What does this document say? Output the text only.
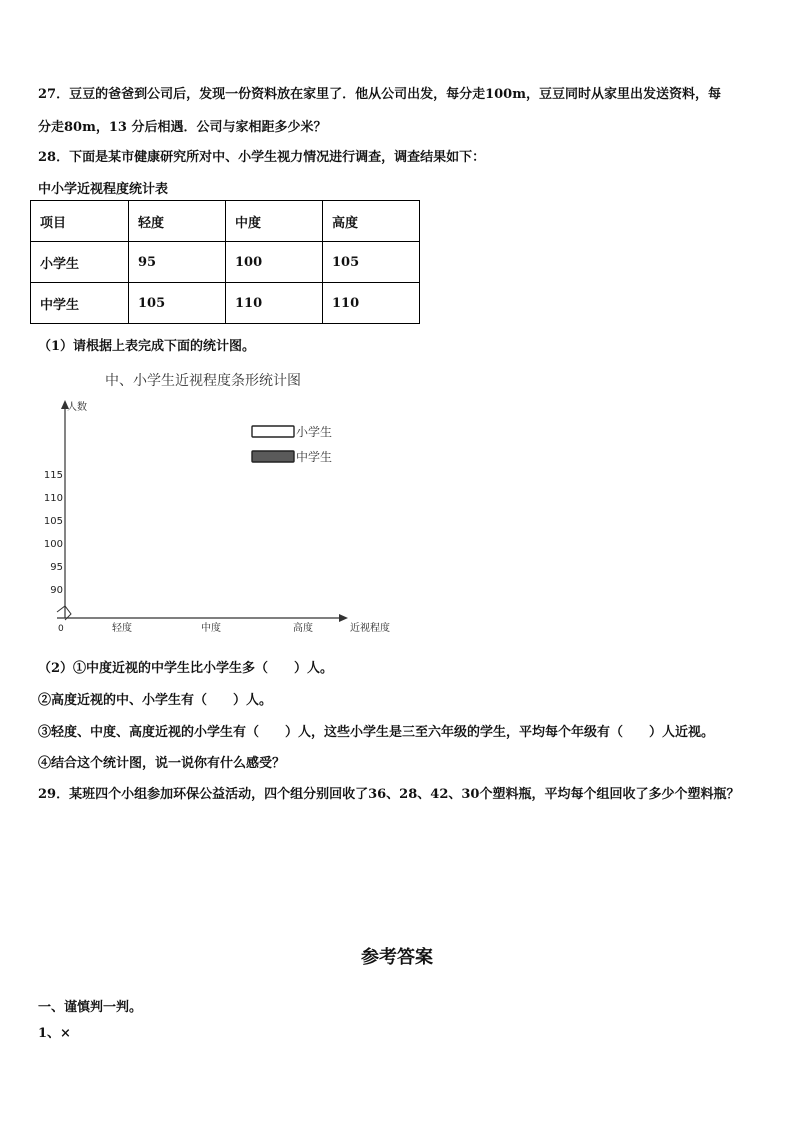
27．豆豆的爸爸到公司后，发现一份资料放在家里了．他从公司出发，每分走100m，豆豆同时从家里出发送资料，每
分走80m，13 分后相遇．公司与家相距多少米？
28．下面是某市健康研究所对中、小学生视力情况进行调查，调查结果如下：
中小学近视程度统计表
项目	轻度	中度	高度
小学生	95	100	105
中学生	105	110	110
（1）请根据上表完成下面的统计图。
中、小学生近视程度条形统计图
人数
近视程度
0
115
110
105
100
95
90
轻度	中度	高度
小学生
中学生
（2）①中度近视的中学生比小学生多（　　）人。
②高度近视的中、小学生有（　　）人。
③轻度、中度、高度近视的小学生有（　　）人，这些小学生是三至六年级的学生，平均每个年级有（　　）人近视。
④结合这个统计图，说一说你有什么感受？
29．某班四个小组参加环保公益活动，四个组分别回收了36、28、42、30个塑料瓶，平均每个组回收了多少个塑料瓶？
参考答案
一、谨慎判一判。
1、×
